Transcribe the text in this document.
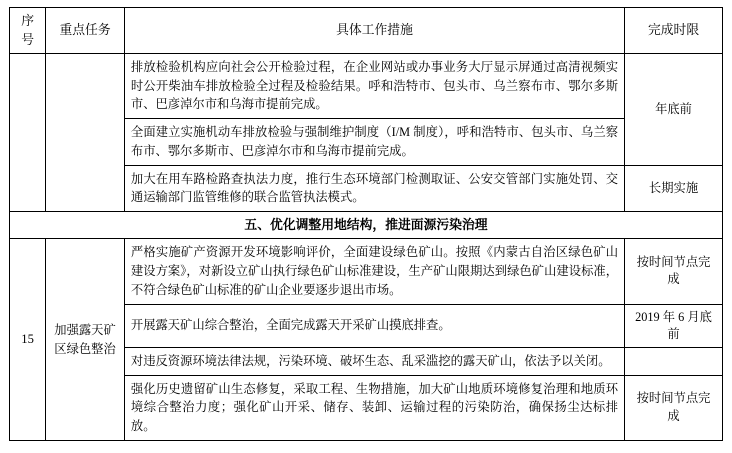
序号	重点任务	具体工作措施	完成时限
		排放检验机构应向社会公开检验过程，在企业网站或办事业务大厅显示屏通过高清视频实时公开柴油车排放检验全过程及检验结果。呼和浩特市、包头市、乌兰察布市、鄂尔多斯市、巴彦淖尔市和乌海市提前完成。	年底前
		全面建立实施机动车排放检验与强制维护制度（I/M 制度），呼和浩特市、包头市、乌兰察布市、鄂尔多斯市、巴彦淖尔市和乌海市提前完成。	
		加大在用车路检路查执法力度，推行生态环境部门检测取证、公安交管部门实施处罚、交通运输部门监管维修的联合监管执法模式。	长期实施
五、优化调整用地结构，推进面源污染治理			
15	加强露天矿区绿色整治	严格实施矿产资源开发环境影响评价，全面建设绿色矿山。按照《内蒙古自治区绿色矿山建设方案》，对新设立矿山执行绿色矿山标准建设，生产矿山限期达到绿色矿山建设标准，不符合绿色矿山标准的矿山企业要逐步退出市场。	按时间节点完成
		开展露天矿山综合整治，全面完成露天开采矿山摸底排查。	2019 年 6 月底前
		对违反资源环境法律法规，污染环境、破坏生态、乱采滥挖的露天矿山，依法予以关闭。	
		强化历史遗留矿山生态修复，采取工程、生物措施，加大矿山地质环境修复治理和地质环境综合整治力度；强化矿山开采、储存、装卸、运输过程的污染防治，确保扬尘达标排放。	按时间节点完成
